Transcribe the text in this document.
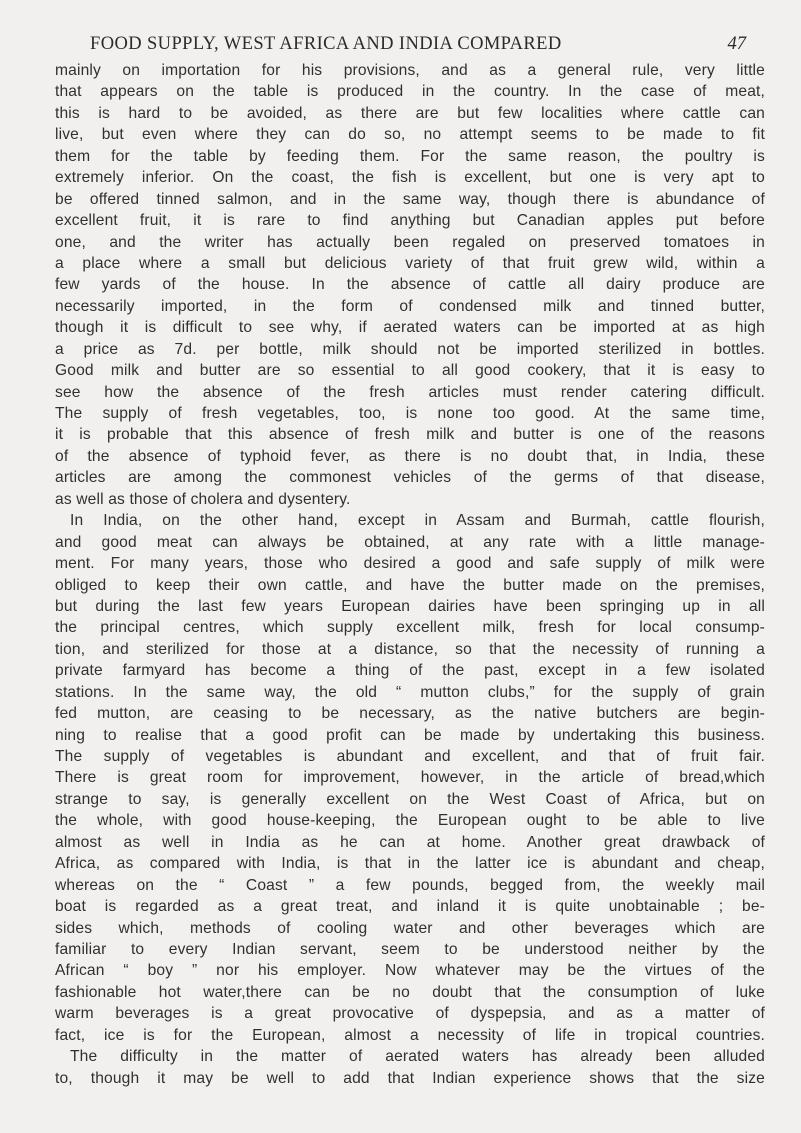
FOOD SUPPLY, WEST AFRICA AND INDIA COMPARED	47
mainly on importation for his provisions, and as a general rule, very little
that appears on the table is produced in the country. In the case of meat,
this is hard to be avoided, as there are but few localities where cattle can
live, but even where they can do so, no attempt seems to be made to fit
them for the table by feeding them. For the same reason, the poultry is
extremely inferior. On the coast, the fish is excellent, but one is very apt to
be offered tinned salmon, and in the same way, though there is abundance of
excellent fruit, it is rare to find anything but Canadian apples put before
one, and the writer has actually been regaled on preserved tomatoes in
a place where a small but delicious variety of that fruit grew wild, within a
few yards of the house. In the absence of cattle all dairy produce are
necessarily imported, in the form of condensed milk and tinned butter,
though it is difficult to see why, if aerated waters can be imported at as high
a price as 7d. per bottle, milk should not be imported sterilized in bottles.
Good milk and butter are so essential to all good cookery, that it is easy to
see how the absence of the fresh articles must render catering difficult.
The supply of fresh vegetables, too, is none too good. At the same time,
it is probable that this absence of fresh milk and butter is one of the reasons
of the absence of typhoid fever, as there is no doubt that, in India, these
articles are among the commonest vehicles of the germs of that disease,
as well as those of cholera and dysentery.
In India, on the other hand, except in Assam and Burmah, cattle flourish,
and good meat can always be obtained, at any rate with a little manage-
ment. For many years, those who desired a good and safe supply of milk were
obliged to keep their own cattle, and have the butter made on the premises,
but during the last few years European dairies have been springing up in all
the principal centres, which supply excellent milk, fresh for local consump-
tion, and sterilized for those at a distance, so that the necessity of running a
private farmyard has become a thing of the past, except in a few isolated
stations. In the same way, the old “ mutton clubs,” for the supply of grain
fed mutton, are ceasing to be necessary, as the native butchers are begin-
ning to realise that a good profit can be made by undertaking this business.
The supply of vegetables is abundant and excellent, and that of fruit fair.
There is great room for improvement, however, in the article of bread,which
strange to say, is generally excellent on the West Coast of Africa, but on
the whole, with good house-keeping, the European ought to be able to live
almost as well in India as he can at home. Another great drawback of
Africa, as compared with India, is that in the latter ice is abundant and cheap,
whereas on the “ Coast ” a few pounds, begged from, the weekly mail
boat is regarded as a great treat, and inland it is quite unobtainable ; be-
sides which, methods of cooling water and other beverages which are
familiar to every Indian servant, seem to be understood neither by the
African “ boy ” nor his employer. Now whatever may be the virtues of the
fashionable hot water,there can be no doubt that the consumption of luke
warm beverages is a great provocative of dyspepsia, and as a matter of
fact, ice is for the European, almost a necessity of life in tropical countries.
The difficulty in the matter of aerated waters has already been alluded
to, though it may be well to add that Indian experience shows that the size
